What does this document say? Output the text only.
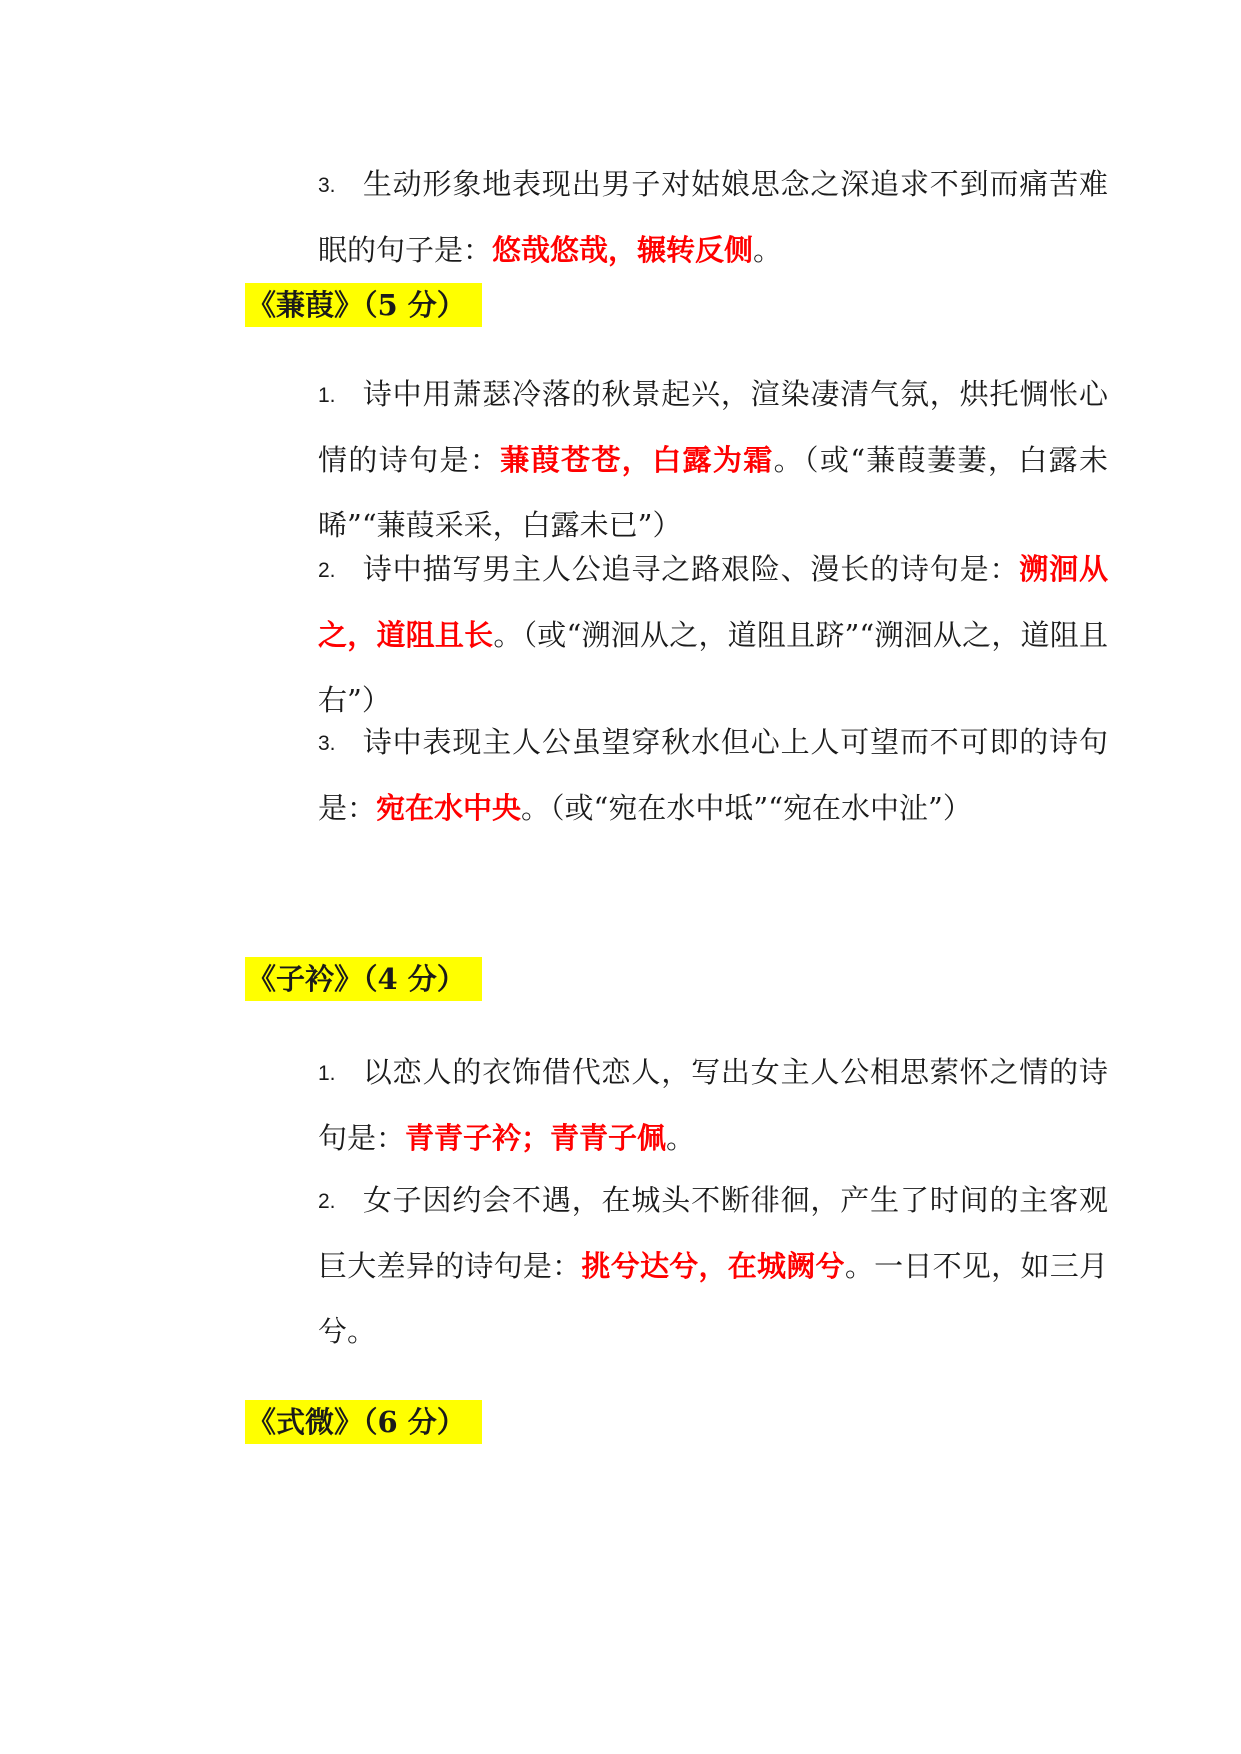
3. 生动形象地表现出男子对姑娘思念之深追求不到而痛苦难眠的句子是：悠哉悠哉，辗转反侧。
《蒹葭》（5 分）
1. 诗中用萧瑟冷落的秋景起兴，渲染凄清气氛，烘托惆怅心情的诗句是：蒹葭苍苍，白露为霜。（或“蒹葭萋萋，白露未晞”“蒹葭采采，白露未已”）
2. 诗中描写男主人公追寻之路艰险、漫长的诗句是：溯洄从之，道阻且长。（或“溯洄从之，道阻且跻”“溯洄从之，道阻且右”）
3. 诗中表现主人公虽望穿秋水但心上人可望而不可即的诗句是：宛在水中央。（或“宛在水中坻”“宛在水中沚”）
《子衿》（4 分）
1. 以恋人的衣饰借代恋人，写出女主人公相思萦怀之情的诗句是：青青子衿；青青子佩。
2. 女子因约会不遇，在城头不断徘徊，产生了时间的主客观巨大差异的诗句是：挑兮达兮，在城阙兮。一日不见，如三月兮。
《式微》（6 分）
